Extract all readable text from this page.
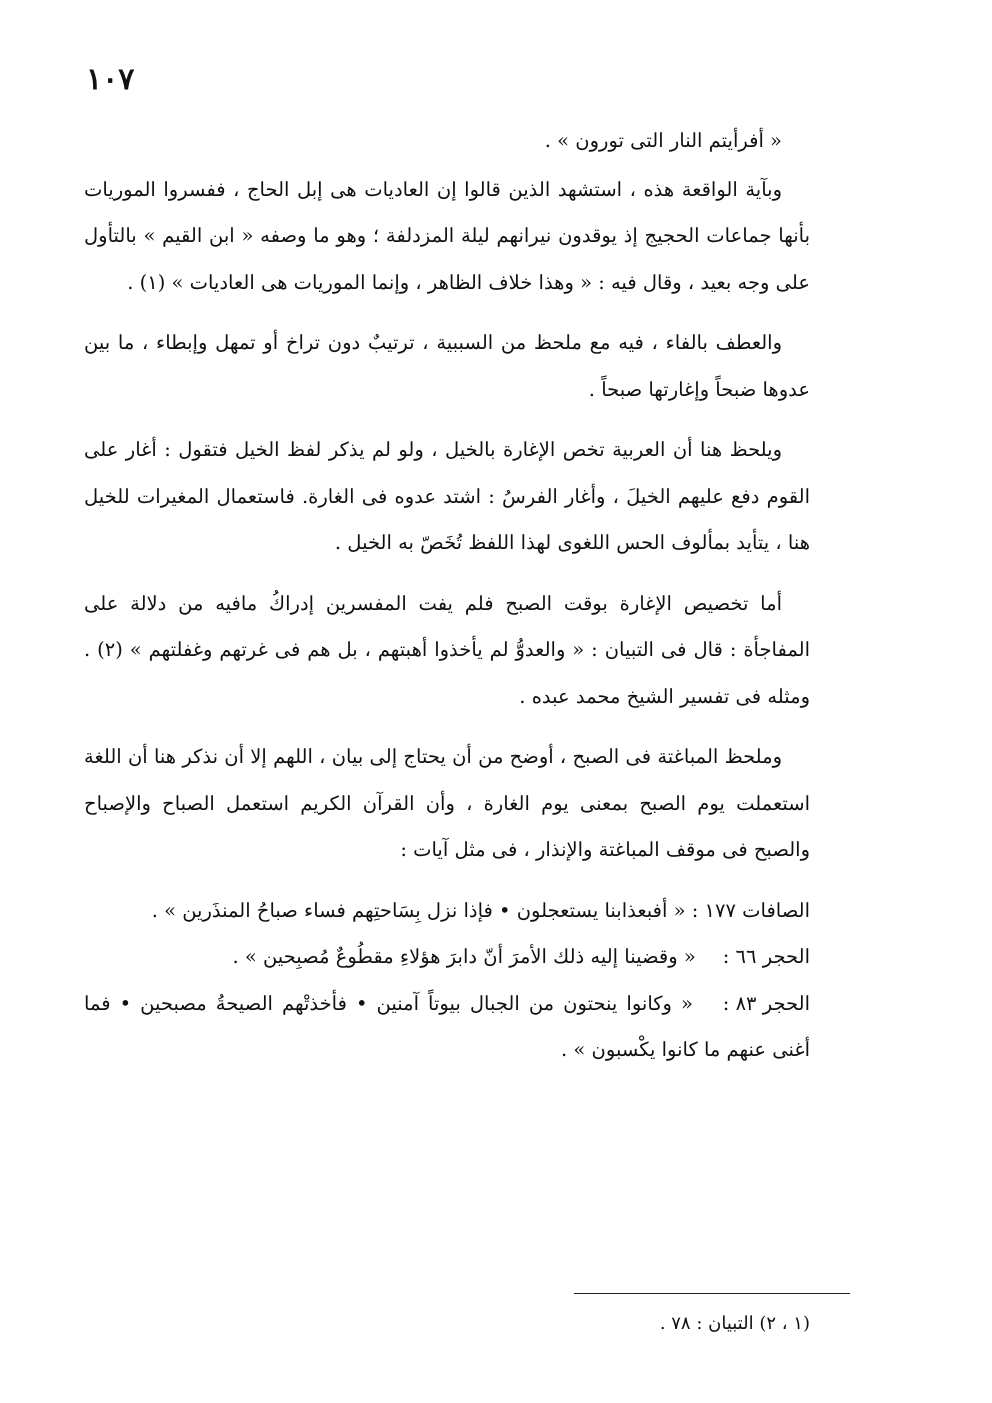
١٠٧

« أفرأيتم النار التى تورون » .

وبآية الواقعة هذه ، استشهد الذين قالوا إن العاديات هى إبل الحاج ، ففسروا الموريات بأنها جماعات الحجيج إذ يوقدون نيرانهم ليلة المزدلفة ؛ وهو ما وصفه « ابن القيم » بالتأول على وجه بعيد ، وقال فيه : « وهذا خلاف الظاهر ، وإنما الموريات هى العاديات » (١) .

والعطف بالفاء ، فيه مع ملحظ من السببية ، ترتيبٌ دون تراخ أو تمهل وإبطاء ، ما بين عدوها ضبحاً وإغارتها صبحاً .

ويلحظ هنا أن العربية تخص الإغارة بالخيل ، ولو لم يذكر لفظ الخيل فتقول : أغار على القوم دفع عليهم الخيلَ ، وأغار الفرسُ : اشتد عدوه فى الغارة. فاستعمال المغيرات للخيل هنا ، يتأيد بمألوف الحس اللغوى لهذا اللفظ تُخَصّ به الخيل .

أما تخصيص الإغارة بوقت الصبح فلم يفت المفسرين إدراكُ مافيه من دلالة على المفاجأة : قال فى التبيان : « والعدوُّ لم يأخذوا أهبتهم ، بل هم فى غرتهم وغفلتهم » (٢) . ومثله فى تفسير الشيخ محمد عبده .

وملحظ المباغتة فى الصبح ، أوضح من أن يحتاج إلى بيان ، اللهم إلا أن نذكر هنا أن اللغة استعملت يوم الصبح بمعنى يوم الغارة ، وأن القرآن الكريم استعمل الصباح والإصباح والصبح فى موقف المباغتة والإنذار ، فى مثل آيات :

الصافات ١٧٧ : « أفبعذابنا يستعجلون • فإذا نزل بِسَاحتِهم فساء صباحُ المنذَرين » .

الحجر ٦٦ : « وقضينا إليه ذلك الأمرَ أنّ دابرَ هؤلاءِ مقطُوعٌ مُصبِحين » .

الحجر ٨٣ : « وكانوا ينحتون من الجبال بيوتاً آمنين • فأخذتْهم الصيحةُ مصبحين • فما أغنى عنهم ما كانوا يكْسبون » .

(١ ، ٢) التبيان : ٧٨ .
